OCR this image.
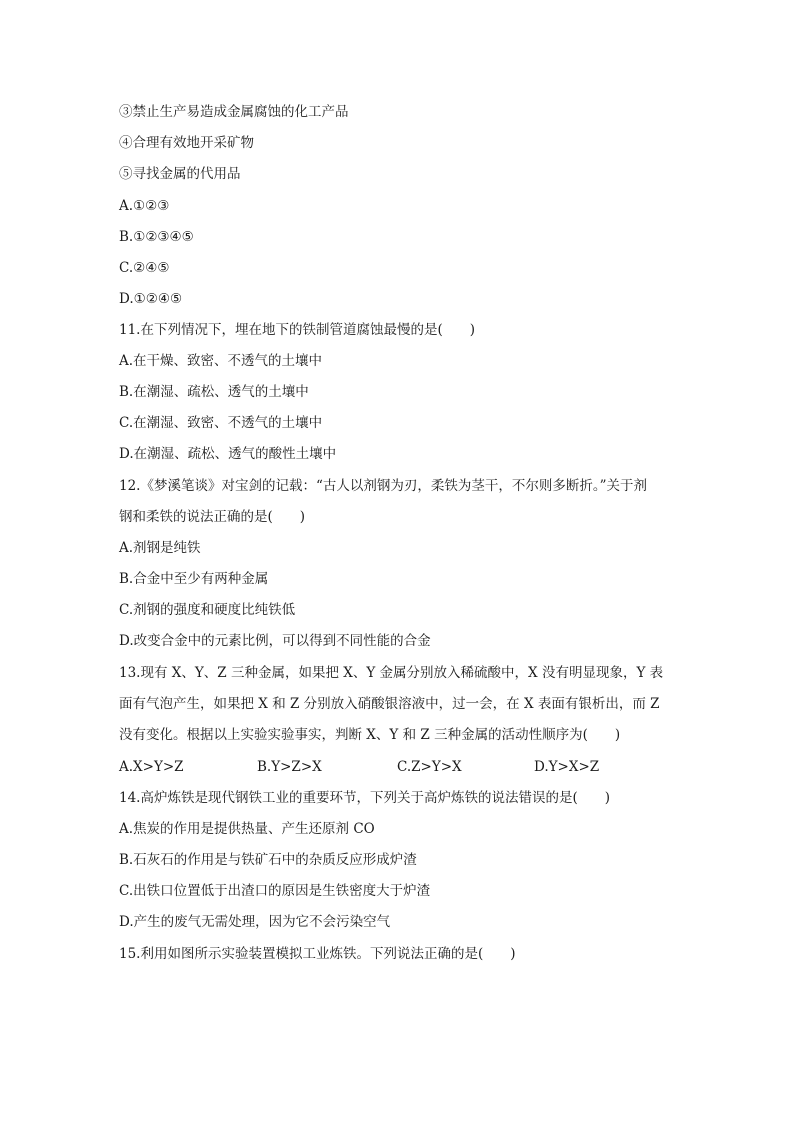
③禁止生产易造成金属腐蚀的化工产品
④合理有效地开采矿物
⑤寻找金属的代用品
A.①②③
B.①②③④⑤
C.②④⑤
D.①②④⑤
11.在下列情况下，埋在地下的铁制管道腐蚀最慢的是(　　)
A.在干燥、致密、不透气的土壤中
B.在潮湿、疏松、透气的土壤中
C.在潮湿、致密、不透气的土壤中
D.在潮湿、疏松、透气的酸性土壤中
12.《梦溪笔谈》对宝剑的记载：“古人以剂钢为刃，柔铁为茎干，不尔则多断折。”关于剂
钢和柔铁的说法正确的是(　　)
A.剂钢是纯铁
B.合金中至少有两种金属
C.剂钢的强度和硬度比纯铁低
D.改变合金中的元素比例，可以得到不同性能的合金
13.现有 X、Y、Z 三种金属，如果把 X、Y 金属分别放入稀硫酸中，X 没有明显现象，Y 表
面有气泡产生，如果把 X 和 Z 分别放入硝酸银溶液中，过一会，在 X 表面有银析出，而 Z
没有变化。根据以上实验实验事实，判断 X、Y 和 Z 三种金属的活动性顺序为(　　)
A.X>Y>Z	B.Y>Z>X	C.Z>Y>X	D.Y>X>Z
14.高炉炼铁是现代钢铁工业的重要环节，下列关于高炉炼铁的说法错误的是(　　)
A.焦炭的作用是提供热量、产生还原剂 CO
B.石灰石的作用是与铁矿石中的杂质反应形成炉渣
C.出铁口位置低于出渣口的原因是生铁密度大于炉渣
D.产生的废气无需处理，因为它不会污染空气
15.利用如图所示实验装置模拟工业炼铁。下列说法正确的是(　　)
